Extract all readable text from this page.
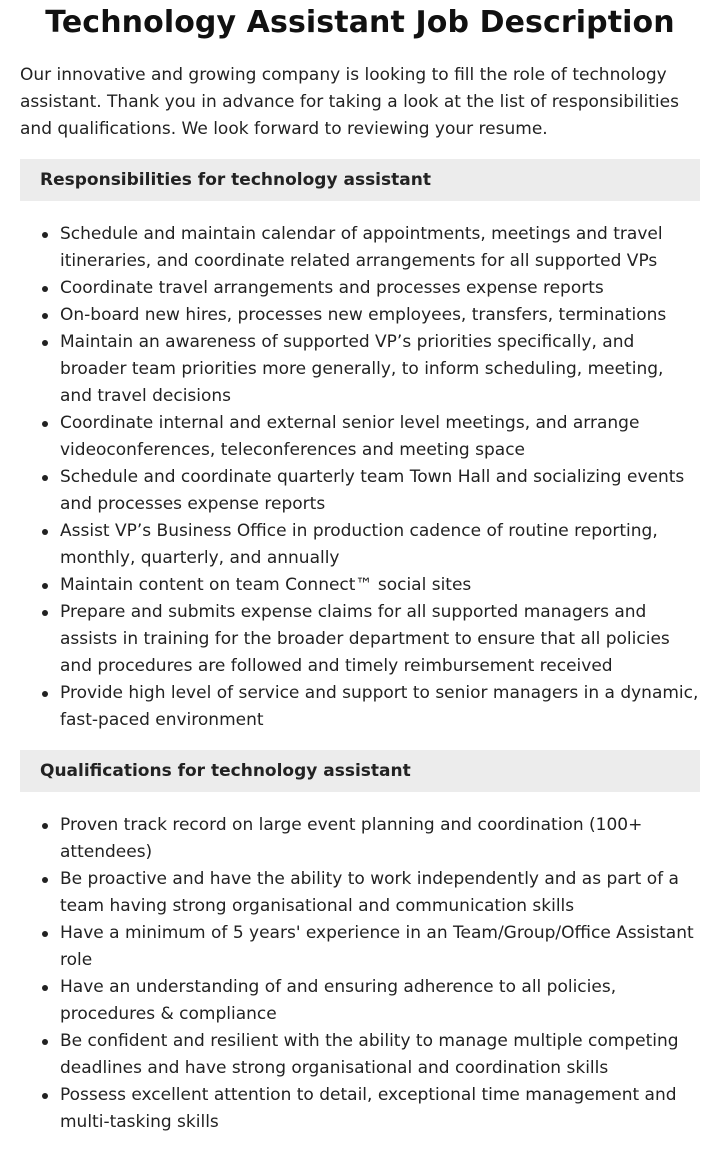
Technology Assistant Job Description

Our innovative and growing company is looking to fill the role of technology assistant. Thank you in advance for taking a look at the list of responsibilities and qualifications. We look forward to reviewing your resume.

Responsibilities for technology assistant
Schedule and maintain calendar of appointments, meetings and travel itineraries, and coordinate related arrangements for all supported VPs
Coordinate travel arrangements and processes expense reports
On-board new hires, processes new employees, transfers, terminations
Maintain an awareness of supported VP’s priorities specifically, and broader team priorities more generally, to inform scheduling, meeting, and travel decisions
Coordinate internal and external senior level meetings, and arrange videoconferences, teleconferences and meeting space
Schedule and coordinate quarterly team Town Hall and socializing events and processes expense reports
Assist VP’s Business Office in production cadence of routine reporting, monthly, quarterly, and annually
Maintain content on team Connect™ social sites
Prepare and submits expense claims for all supported managers and assists in training for the broader department to ensure that all policies and procedures are followed and timely reimbursement received
Provide high level of service and support to senior managers in a dynamic, fast-paced environment
Qualifications for technology assistant
Proven track record on large event planning and coordination (100+ attendees)
Be proactive and have the ability to work independently and as part of a team having strong organisational and communication skills
Have a minimum of 5 years' experience in an Team/Group/Office Assistant role
Have an understanding of and ensuring adherence to all policies, procedures & compliance
Be confident and resilient with the ability to manage multiple competing deadlines and have strong organisational and coordination skills
Possess excellent attention to detail, exceptional time management and multi-tasking skills
